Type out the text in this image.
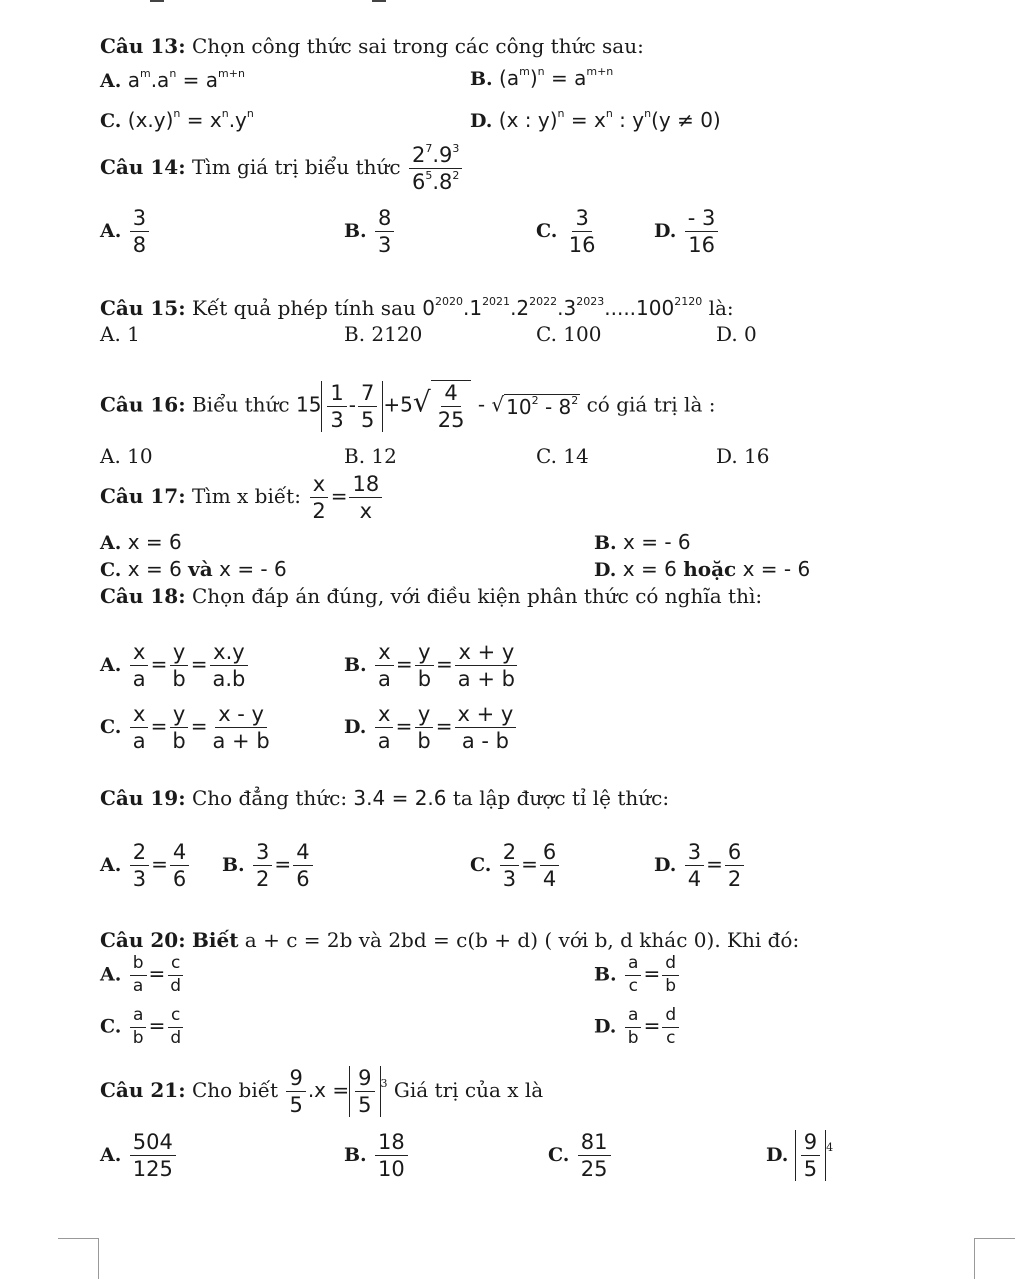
Câu 13: Chọn công thức sai trong các công thức sau:
A. $a^m.a^n = a^{m+n}$	B. $(a^m)^n = a^{m+n}$
C. $(x.y)^n = x^n.y^n$	D. (x : $y)^n = x^n$ : $y^n(y \ne 0)$
Câu 14: Tìm giá trị biểu thức $\frac{2^7.9^3}{6^5.8^2}$
A. $\frac{3}{8}$	B. $\frac{8}{3}$	C. $\frac{3}{16}$	D. $\frac{- 3}{16}$
Câu 15: Kết quả phép tính sau $0^{2020}.1^{2021}.2^{2022}.3^{2023}.....100^{2120}$ là:
A. 1	B. 2120	C. 100	D. 0
Câu 16: Biểu thức $15 \frac{1}{3} - \frac{7}{5} +5√ \frac{4}{25}$ - √ $10^2 - 8^2$ có giá trị là :
A. 10	B. 12	C. 14	D. 16
Câu 17: Tìm x biết: $\frac{x}{2} = \frac{18}{x}$
A. x = 6	B. x = - 6
C. x = 6 và x = - 6	D. x = 6 hoặc x = - 6
Câu 18: Chọn đáp án đúng, với điều kiện phân thức có nghĩa thì:
A. $\frac{x}{a} = \frac{y}{b} = \frac{x.y}{a.b}$	B. $\frac{x}{a} = \frac{y}{b} = \frac{x + y}{a + b}$
C. $\frac{x}{a} = \frac{y}{b} = \frac{x - y}{a + b}$	D. $\frac{x}{a} = \frac{y}{b} = \frac{x + y}{a - b}$
Câu 19: Cho đẳng thức: 3.4 = 2.6 ta lập được tỉ lệ thức:
A. $\frac{2}{3} = \frac{4}{6} B$. $\frac{3}{2} = \frac{4}{6}$	C. $\frac{2}{3} = \frac{6}{4}$	D. $\frac{3}{4} = \frac{6}{2}$
Câu 20: Biết a + c = 2b và 2bd = c(b + d) ( với b, d khác 0). Khi đó:
A. $\frac{b}{a} = \frac{c}{d}$	B. $\frac{a}{c} = \frac{d}{b}$
C. $\frac{a}{b} = \frac{c}{d}$	D. $\frac{a}{b} = \frac{d}{c}$
Câu 21: Cho biết $\frac{9}{5} .x = \frac{9}{5} ^3$ Giá trị của x là
A. $\frac{504}{125}$	B. $\frac{18}{10}$	C. $\frac{81}{25}$	D. $\frac{9}{5} ^4$
